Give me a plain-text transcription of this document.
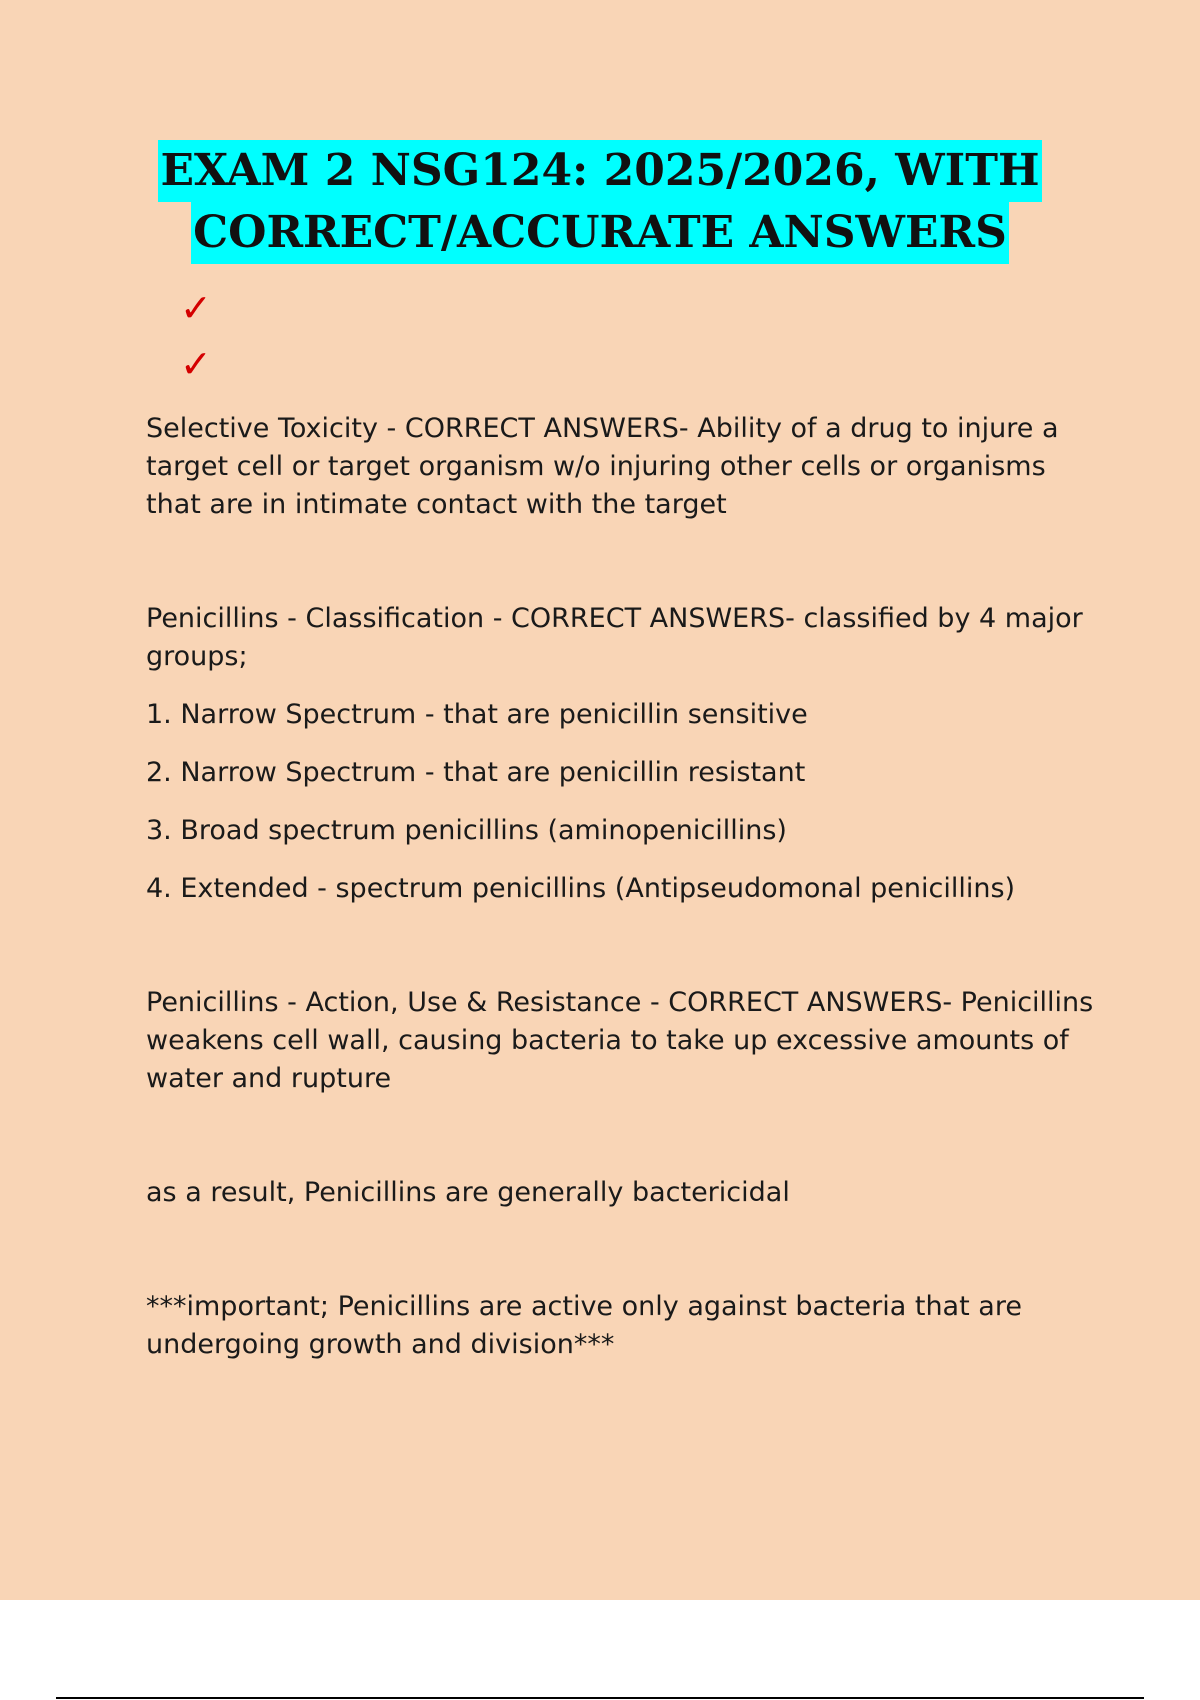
EXAM 2 NSG124: 2025/2026, WITH
CORRECT/ACCURATE ANSWERS
✓
✓

Selective Toxicity - CORRECT ANSWERS- Ability of a drug to injure a target cell or target organism w/o injuring other cells or organisms that are in intimate contact with the target

Penicillins - Classification - CORRECT ANSWERS- classified by 4 major groups;

1. Narrow Spectrum - that are penicillin sensitive

2. Narrow Spectrum - that are penicillin resistant

3. Broad spectrum penicillins (aminopenicillins)

4. Extended - spectrum penicillins (Antipseudomonal penicillins)

Penicillins - Action, Use & Resistance - CORRECT ANSWERS- Penicillins weakens cell wall, causing bacteria to take up excessive amounts of water and rupture

as a result, Penicillins are generally bactericidal

***important; Penicillins are active only against bacteria that are undergoing growth and division***
